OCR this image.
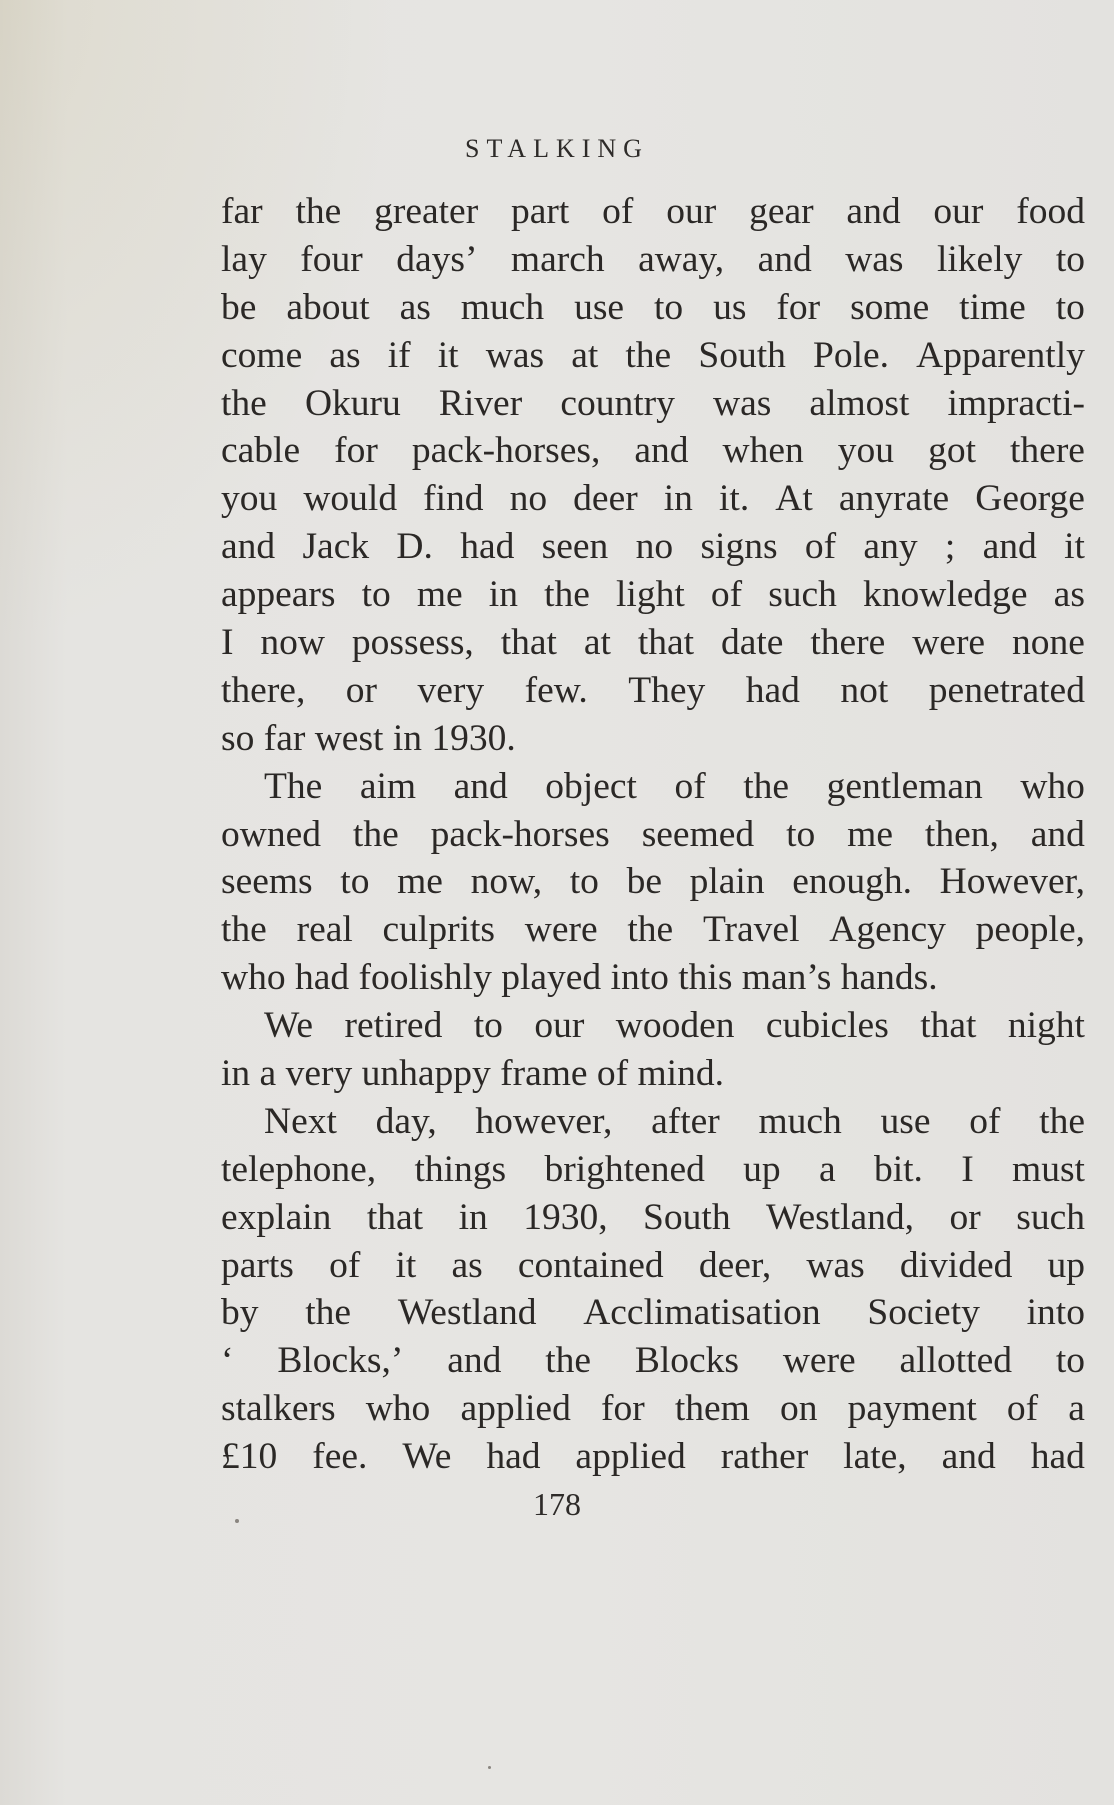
STALKING
far the greater part of our gear and our food
lay four days’ march away, and was likely to
be about as much use to us for some time to
come as if it was at the South Pole. Apparently
the Okuru River country was almost impracti-
cable for pack-horses, and when you got there
you would find no deer in it. At anyrate George
and Jack D. had seen no signs of any ; and it
appears to me in the light of such knowledge as
I now possess, that at that date there were none
there, or very few. They had not penetrated
so far west in 1930.
The aim and object of the gentleman who
owned the pack-horses seemed to me then, and
seems to me now, to be plain enough. However,
the real culprits were the Travel Agency people,
who had foolishly played into this man’s hands.
We retired to our wooden cubicles that night
in a very unhappy frame of mind.
Next day, however, after much use of the
telephone, things brightened up a bit. I must
explain that in 1930, South Westland, or such
parts of it as contained deer, was divided up
by the Westland Acclimatisation Society into
‘ Blocks,’ and the Blocks were allotted to
stalkers who applied for them on payment of a
£10 fee. We had applied rather late, and had
178
